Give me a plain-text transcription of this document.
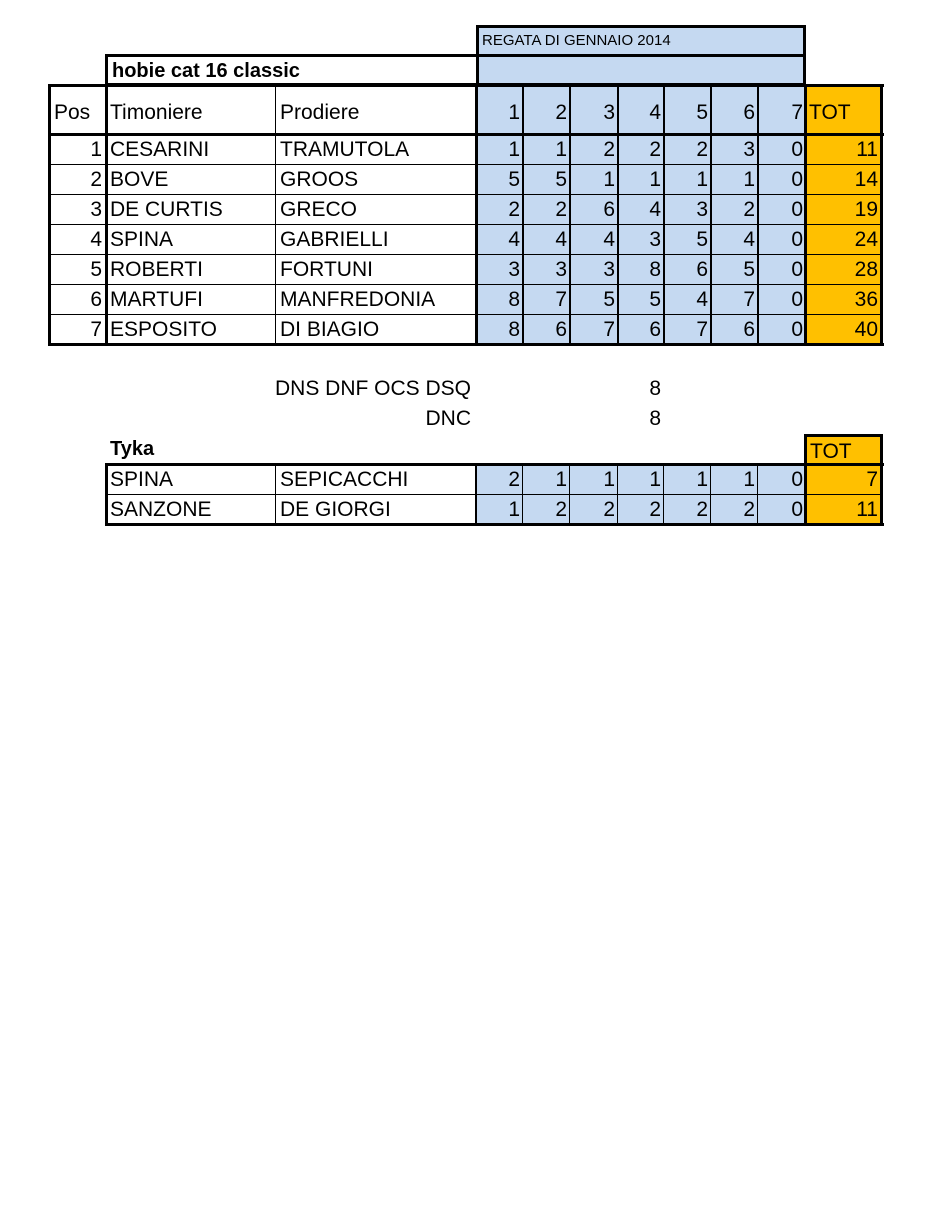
REGATA DI GENNAIO 2014
hobie cat 16 classic
Pos Timoniere	Prodiere	1	2	3	4	5	6	7 TOT
1 CESARINI	TRAMUTOLA	1	1	2	2	2	3	0	11
2 BOVE	GROOS	5	5	1	1	1	1	0	14
3 DE CURTIS	GRECO	2	2	6	4	3	2	0	19
4 SPINA	GABRIELLI	4	4	4	3	5	4	0	24
5 ROBERTI	FORTUNI	3	3	3	8	6	5	0	28
6 MARTUFI	MANFREDONIA	8	7	5	5	4	7	0	36
7 ESPOSITO	DI BIAGIO	8	6	7	6	7	6	0	40
DNS DNF OCS DSQ	8
DNC	8
Tyka	TOT
SPINA	SEPICACCHI	2	1	1	1	1	1	0	7
SANZONE	DE GIORGI	1	2	2	2	2	2	0	11
